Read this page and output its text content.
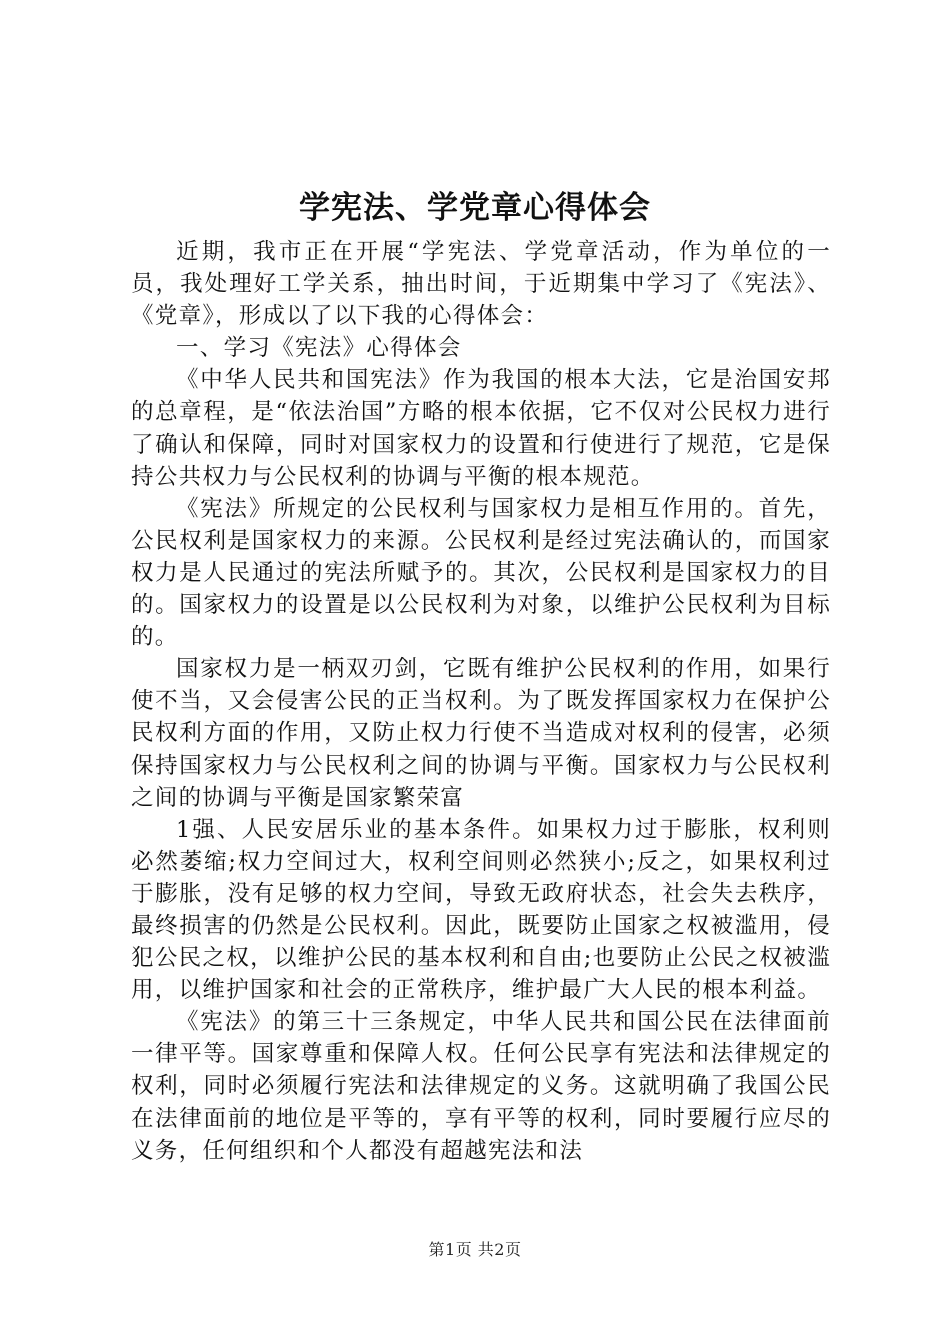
学宪法、学党章心得体会

近期，我市正在开展“学宪法、学党章活动，作为单位的一员，我处理好工学关系，抽出时间，于近期集中学习了《宪法》、《党章》，形成以了以下我的心得体会：

一、学习《宪法》心得体会

《中华人民共和国宪法》作为我国的根本大法，它是治国安邦的总章程，是“依法治国”方略的根本依据，它不仅对公民权力进行了确认和保障，同时对国家权力的设置和行使进行了规范，它是保持公共权力与公民权利的协调与平衡的根本规范。

《宪法》所规定的公民权利与国家权力是相互作用的。首先，公民权利是国家权力的来源。公民权利是经过宪法确认的，而国家权力是人民通过的宪法所赋予的。其次，公民权利是国家权力的目的。国家权力的设置是以公民权利为对象，以维护公民权利为目标的。

国家权力是一柄双刃剑，它既有维护公民权利的作用，如果行使不当，又会侵害公民的正当权利。为了既发挥国家权力在保护公民权利方面的作用，又防止权力行使不当造成对权利的侵害，必须保持国家权力与公民权利之间的协调与平衡。国家权力与公民权利之间的协调与平衡是国家繁荣富

1强、人民安居乐业的基本条件。如果权力过于膨胀，权利则必然萎缩;权力空间过大，权利空间则必然狭小;反之，如果权利过于膨胀，没有足够的权力空间，导致无政府状态，社会失去秩序，最终损害的仍然是公民权利。因此，既要防止国家之权被滥用，侵犯公民之权，以维护公民的基本权利和自由;也要防止公民之权被滥用，以维护国家和社会的正常秩序，维护最广大人民的根本利益。

《宪法》的第三十三条规定，中华人民共和国公民在法律面前一律平等。国家尊重和保障人权。任何公民享有宪法和法律规定的权利，同时必须履行宪法和法律规定的义务。这就明确了我国公民在法律面前的地位是平等的，享有平等的权利，同时要履行应尽的义务，任何组织和个人都没有超越宪法和法

第1页 共2页
